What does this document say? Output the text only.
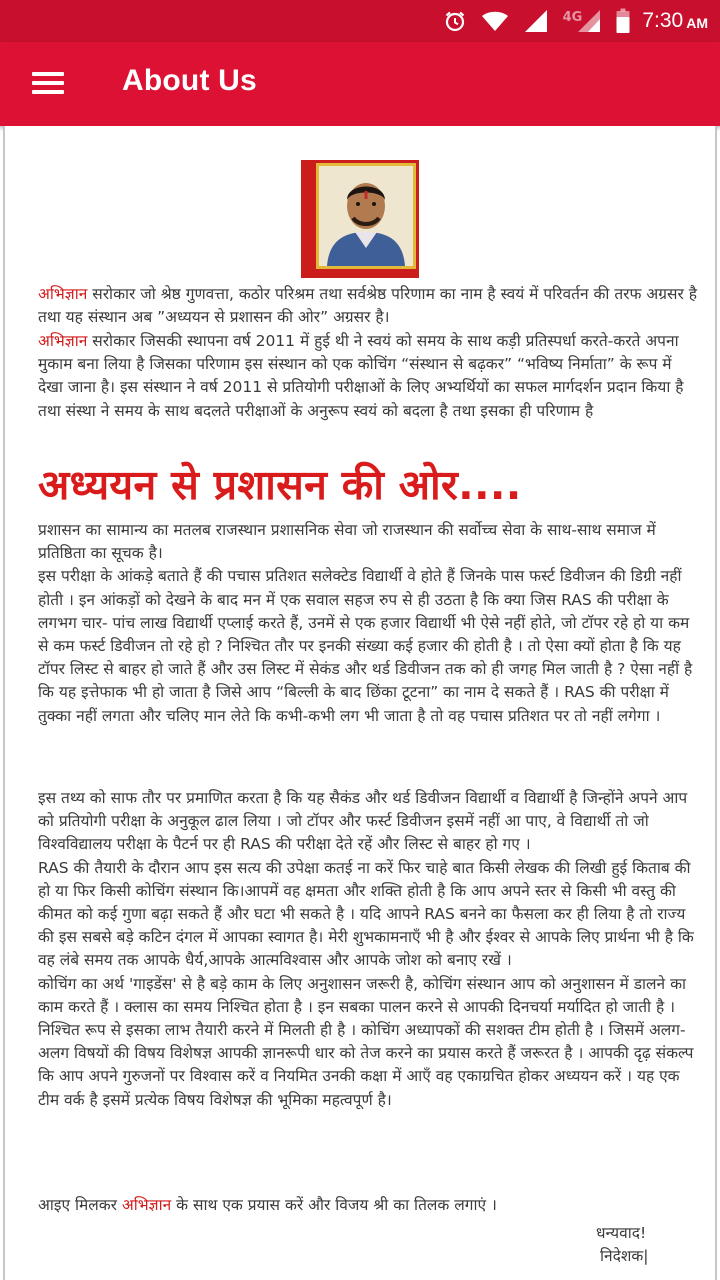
4G	7:30 AM
About Us
अभिज्ञान सरोकार जो श्रेष्ठ गुणवत्ता, कठोर परिश्रम तथा सर्वश्रेष्ठ परिणाम का नाम है स्वयं में परिवर्तन की तरफ अग्रसर है तथा यह संस्थान अब ”अध्ययन से प्रशासन की ओर” अग्रसर है।
अभिज्ञान सरोकार जिसकी स्थापना वर्ष 2011 में हुई थी ने स्वयं को समय के साथ कड़ी प्रतिस्पर्धा करते-करते अपना मुकाम बना लिया है जिसका परिणाम इस संस्थान को एक कोचिंग “संस्थान से बढ़कर” “भविष्य निर्माता” के रूप में देखा जाना है। इस संस्थान ने वर्ष 2011 से प्रतियोगी परीक्षाओं के लिए अभ्यर्थियों का सफल मार्गदर्शन प्रदान किया है तथा संस्था ने समय के साथ बदलते परीक्षाओं के अनुरूप स्वयं को बदला है तथा इसका ही परिणाम है
अध्ययन से प्रशासन की ओर....
प्रशासन का सामान्य का मतलब राजस्थान प्रशासनिक सेवा जो राजस्थान की सर्वोच्च सेवा के साथ-साथ समाज में प्रतिष्ठिता का सूचक है।
इस परीक्षा के आंकड़े बताते हैं की पचास प्रतिशत सलेक्टेड विद्यार्थी वे होते हैं जिनके पास फर्स्ट डिवीजन की डिग्री नहीं होती । इन आंकड़ों को देखने के बाद मन में एक सवाल सहज रुप से ही उठता है कि क्या जिस RAS की परीक्षा के लगभग चार- पांच लाख विद्यार्थी एप्लाई करते हैं, उनमें से एक हजार विद्यार्थी भी ऐसे नहीं होते, जो टॉपर रहे हो या कम से कम फर्स्ट डिवीजन तो रहे हो ? निश्चित तौर पर इनकी संख्या कई हजार की होती है । तो ऐसा क्यों होता है कि यह टॉपर लिस्ट से बाहर हो जाते हैं और उस लिस्ट में सेकंड और थर्ड डिवीजन तक को ही जगह मिल जाती है ? ऐसा नहीं है कि यह इत्तेफाक भी हो जाता है जिसे आप “बिल्ली के बाद छिंका टूटना” का नाम दे सकते हैं । RAS की परीक्षा में तुक्का नहीं लगता और चलिए मान लेते कि कभी-कभी लग भी जाता है तो वह पचास प्रतिशत पर तो नहीं लगेगा ।
इस तथ्य को साफ तौर पर प्रमाणित करता है कि यह सैकंड और थर्ड डिवीजन विद्यार्थी व विद्यार्थी है जिन्होंने अपने आप को प्रतियोगी परीक्षा के अनुकूल ढाल लिया । जो टॉपर और फर्स्ट डिवीजन इसमें नहीं आ पाए, वे विद्यार्थी तो जो विश्वविद्यालय परीक्षा के पैटर्न पर ही RAS की परीक्षा देते रहें और लिस्ट से बाहर हो गए ।
RAS की तैयारी के दौरान आप इस सत्य की उपेक्षा कतई ना करें फिर चाहे बात किसी लेखक की लिखी हुई किताब की हो या फिर किसी कोचिंग संस्थान कि।आपमें वह क्षमता और शक्ति होती है कि आप अपने स्तर से किसी भी वस्तु की कीमत को कई गुणा बढ़ा सकते हैं और घटा भी सकते है । यदि आपने RAS बनने का फैसला कर ही लिया है तो राज्य की इस सबसे बड़े कटिन दंगल में आपका स्वागत है। मेरी शुभकामनाएँ भी है और ईश्वर से आपके लिए प्रार्थना भी है कि वह लंबे समय तक आपके धैर्य,आपके आत्मविश्वास और आपके जोश को बनाए रखें ।
कोचिंग का अर्थ 'गाइडेंस' से है बड़े काम के लिए अनुशासन जरूरी है, कोचिंग संस्थान आप को अनुशासन में डालने का काम करते हैं । क्लास का समय निश्चित होता है । इन सबका पालन करने से आपकी दिनचर्या मर्यादित हो जाती है । निश्चित रूप से इसका लाभ तैयारी करने में मिलती ही है । कोचिंग अध्यापकों की सशक्त टीम होती है । जिसमें अलग-अलग विषयों की विषय विशेषज्ञ आपकी ज्ञानरूपी धार को तेज करने का प्रयास करते हैं जरूरत है । आपकी दृढ़ संकल्प कि आप अपने गुरुजनों पर विश्वास करें व नियमित उनकी कक्षा में आएँ वह एकाग्रचित होकर अध्ययन करें । यह एक टीम वर्क है इसमें प्रत्येक विषय विशेषज्ञ की भूमिका महत्वपूर्ण है।
आइए मिलकर अभिज्ञान के साथ एक प्रयास करें और विजय श्री का तिलक लगाएं ।
धन्यवाद!
निदेशक|
